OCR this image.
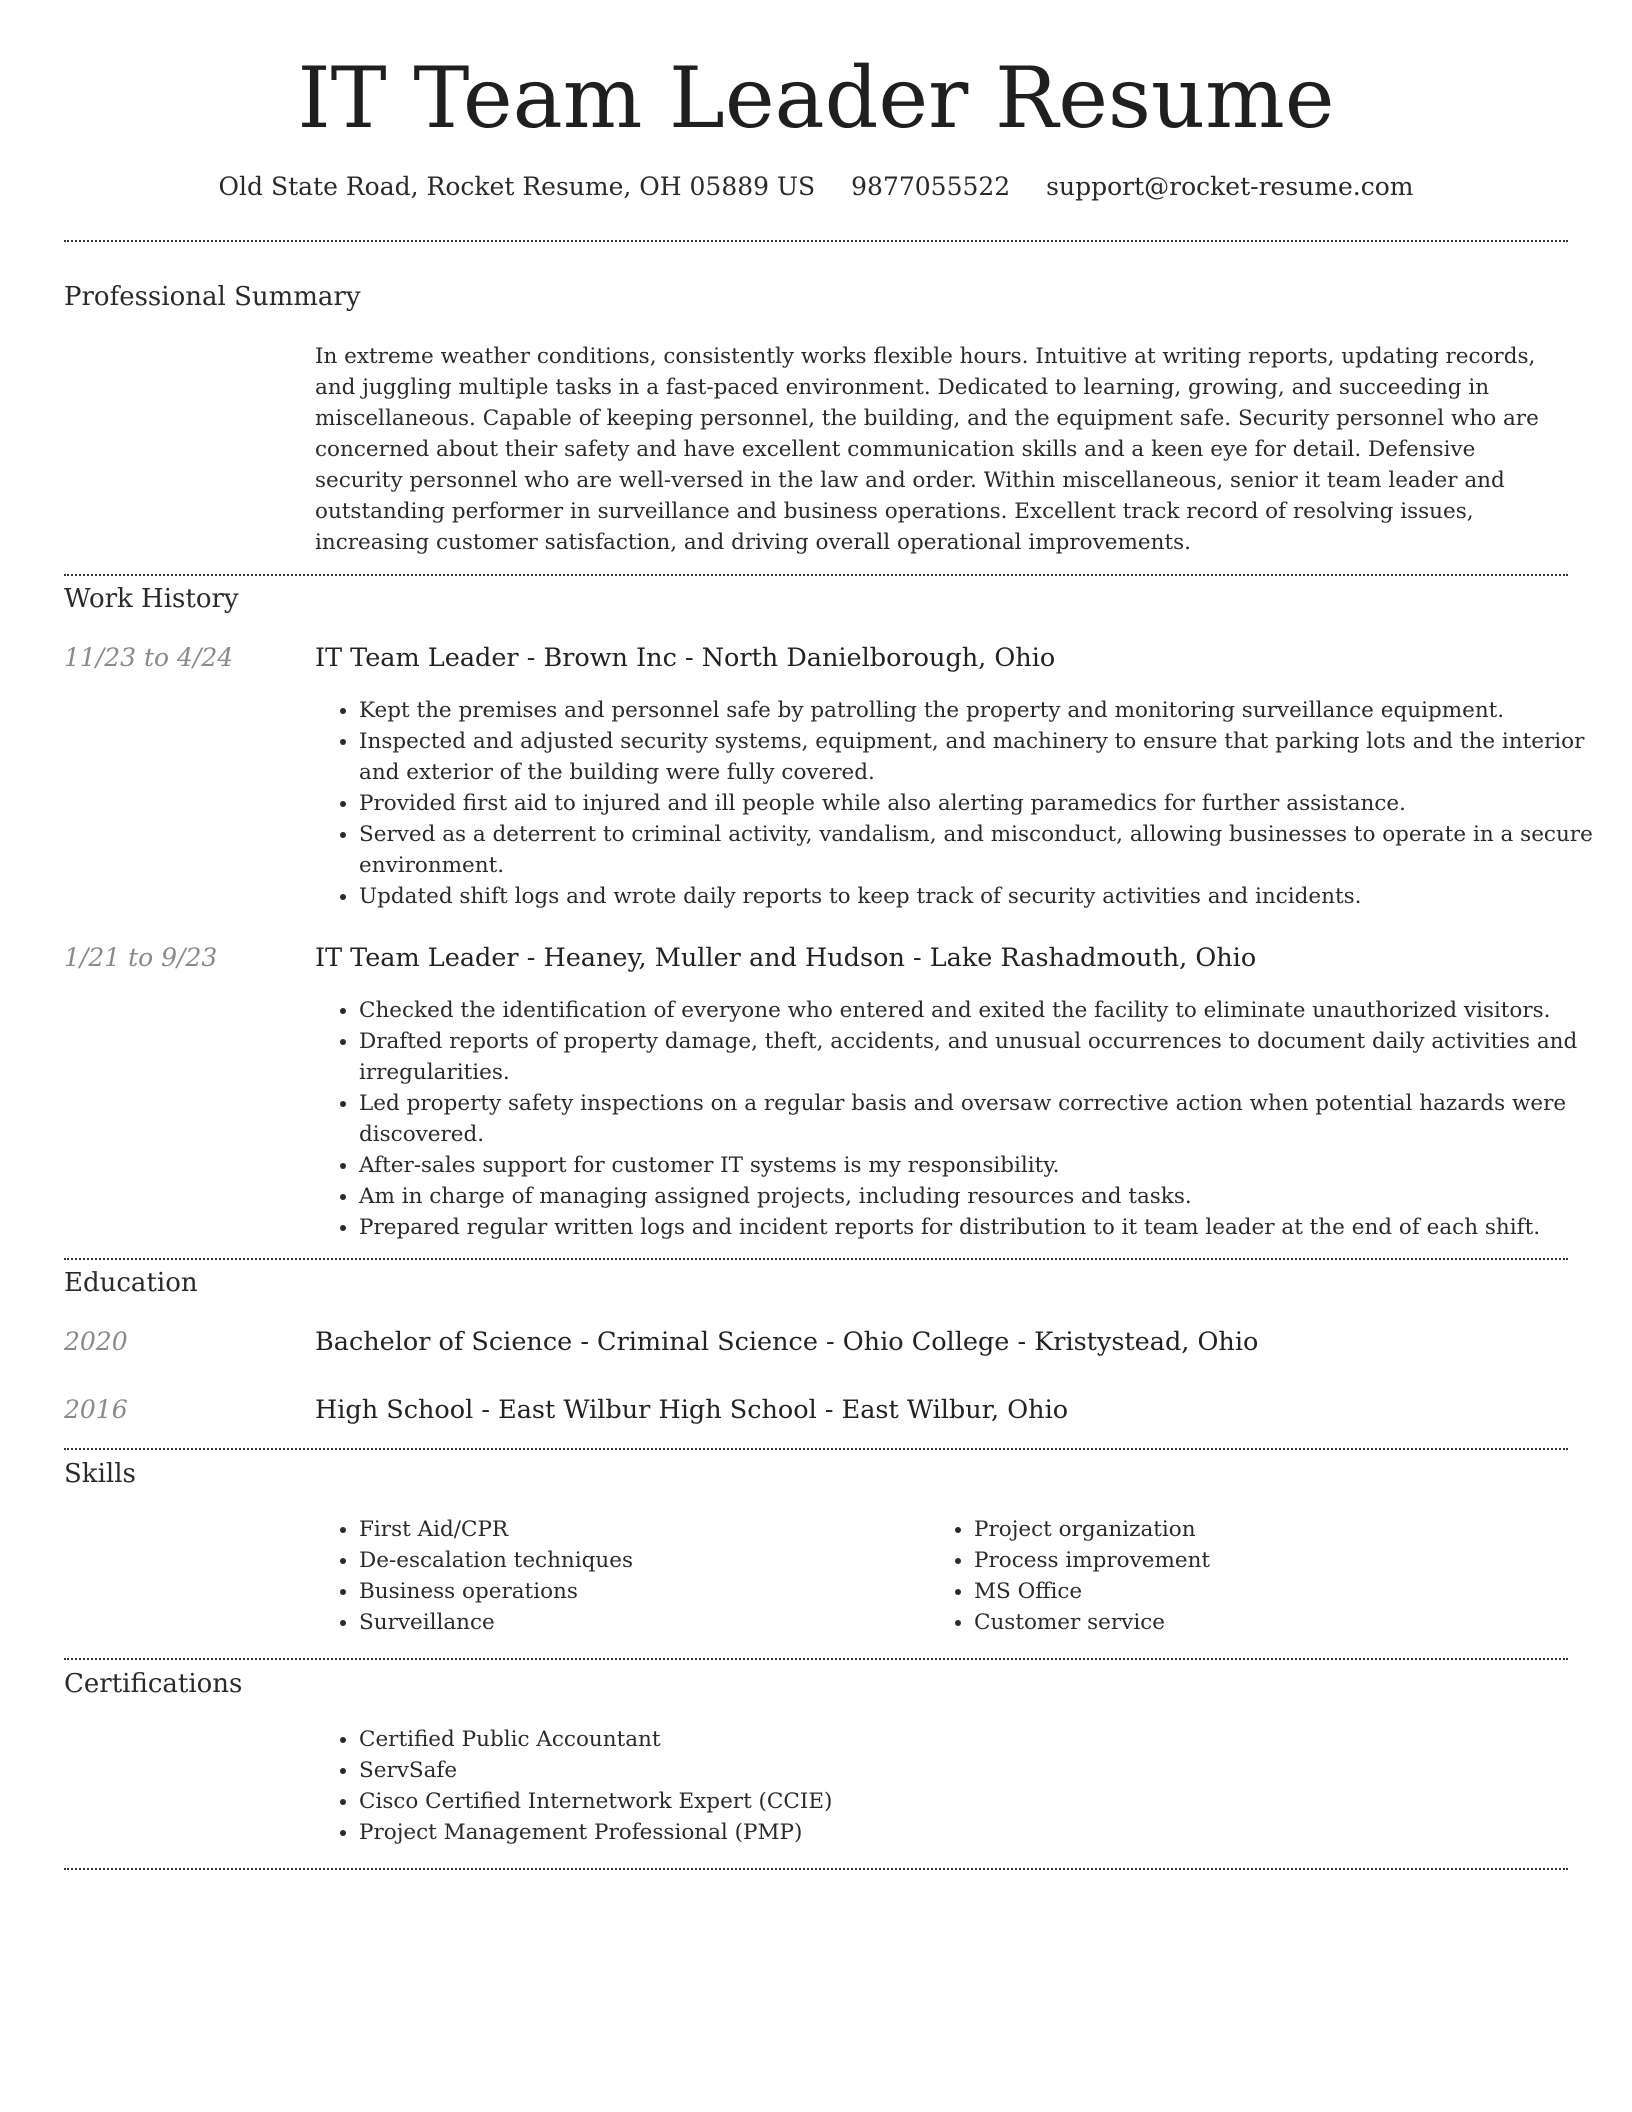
IT Team Leader Resume
Old State Road, Rocket Resume, OH 05889 US 9877055522 support@rocket-resume.com
Professional Summary
In extreme weather conditions, consistently works flexible hours. Intuitive at writing reports, updating records, and juggling multiple tasks in a fast-paced environment. Dedicated to learning, growing, and succeeding in miscellaneous. Capable of keeping personnel, the building, and the equipment safe. Security personnel who are concerned about their safety and have excellent communication skills and a keen eye for detail. Defensive security personnel who are well-versed in the law and order. Within miscellaneous, senior it team leader and outstanding performer in surveillance and business operations. Excellent track record of resolving issues, increasing customer satisfaction, and driving overall operational improvements.
Work History
11/23 to 4/24	IT Team Leader - Brown Inc - North Danielborough, Ohio
• Kept the premises and personnel safe by patrolling the property and monitoring surveillance equipment.
• Inspected and adjusted security systems, equipment, and machinery to ensure that parking lots and the interior and exterior of the building were fully covered.
• Provided first aid to injured and ill people while also alerting paramedics for further assistance.
• Served as a deterrent to criminal activity, vandalism, and misconduct, allowing businesses to operate in a secure environment.
• Updated shift logs and wrote daily reports to keep track of security activities and incidents.
1/21 to 9/23	IT Team Leader - Heaney, Muller and Hudson - Lake Rashadmouth, Ohio
• Checked the identification of everyone who entered and exited the facility to eliminate unauthorized visitors.
• Drafted reports of property damage, theft, accidents, and unusual occurrences to document daily activities and irregularities.
• Led property safety inspections on a regular basis and oversaw corrective action when potential hazards were discovered.
• After-sales support for customer IT systems is my responsibility.
• Am in charge of managing assigned projects, including resources and tasks.
• Prepared regular written logs and incident reports for distribution to it team leader at the end of each shift.
Education
2020	Bachelor of Science - Criminal Science - Ohio College - Kristystead, Ohio
2016	High School - East Wilbur High School - East Wilbur, Ohio
Skills
• First Aid/CPR
• De-escalation techniques
• Business operations
• Surveillance
• Project organization
• Process improvement
• MS Office
• Customer service
Certifications
• Certified Public Accountant
• ServSafe
• Cisco Certified Internetwork Expert (CCIE)
• Project Management Professional (PMP)
